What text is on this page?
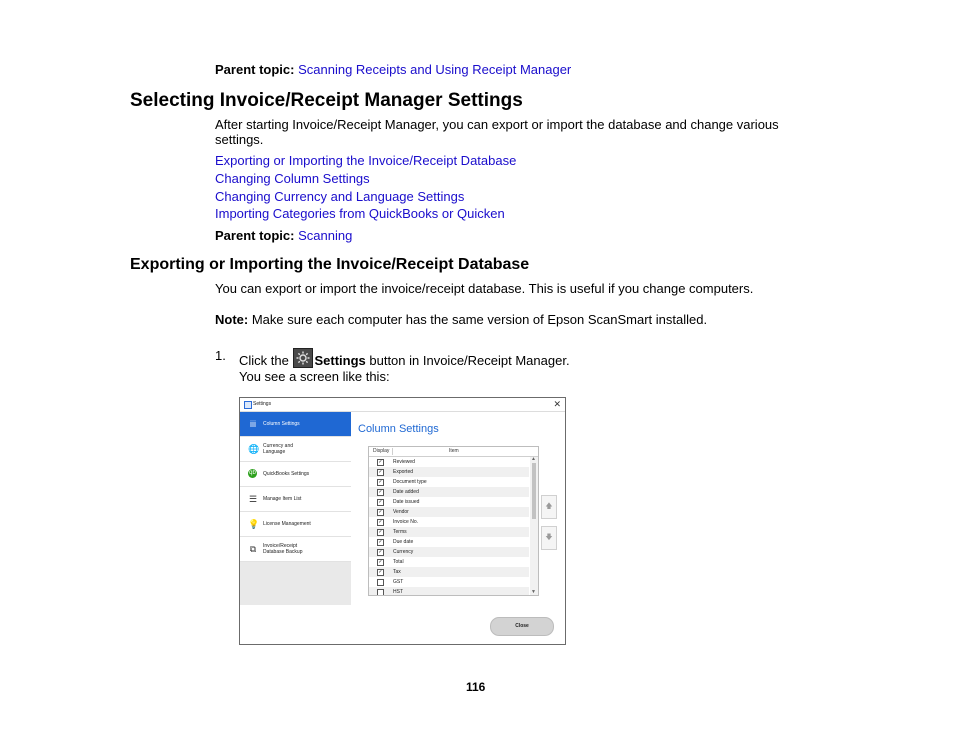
Parent topic: Scanning Receipts and Using Receipt Manager
Selecting Invoice/Receipt Manager Settings
After starting Invoice/Receipt Manager, you can export or import the database and change various
settings.
Exporting or Importing the Invoice/Receipt Database
Changing Column Settings
Changing Currency and Language Settings
Importing Categories from QuickBooks or Quicken
Parent topic: Scanning
Exporting or Importing the Invoice/Receipt Database
You can export or import the invoice/receipt database. This is useful if you change computers.
Note: Make sure each computer has the same version of Epson ScanSmart installed.
1. Click the
Settings button in Invoice/Receipt Manager.
You see a screen like this:
Settings	✕
iii	Column Settings
🌐 Currency and
Language
qb QuickBooks Settings
☰ Manage Item List
💡 License Management
⧉	Invoice/Receipt
Database Backup
Column Settings
Display	Item
✓ Reviewed
✓ Exported
✓ Document type
✓ Date added
✓ Date issued
✓ Vendor
✓ Invoice No.
✓ Terms
✓ Due date
✓ Currency
✓ Total
✓ Tax
GST
HST
▲
▼
🡅
🡇
Close
116
